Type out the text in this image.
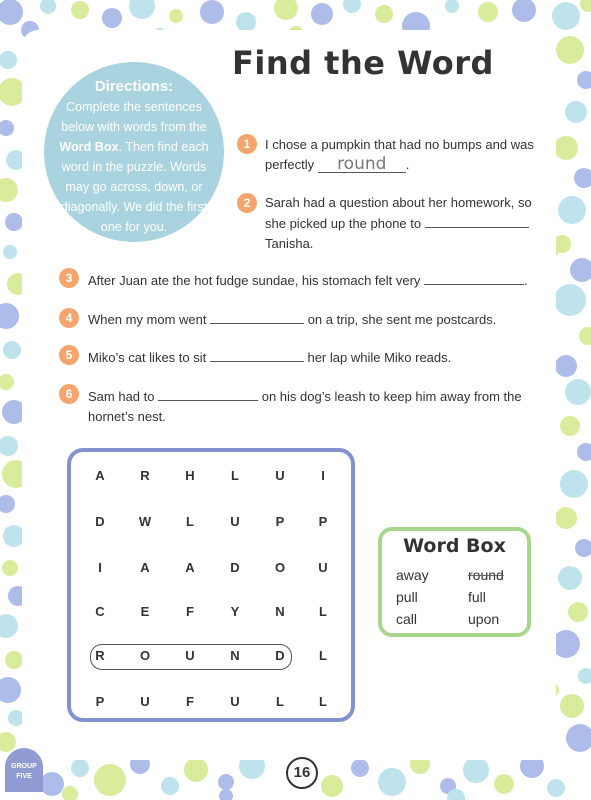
Find the Word
Directions:
Complete the sentences below with words from the Word Box. Then find each word in the puzzle. Words may go across, down, or diagonally. We did the first one for you.
1	I chose a pumpkin that had no bumps and was
perfectly round .
2	Sarah had a question about her homework, so
she picked up the phone to
Tanisha.
3	After Juan ate the hot fudge sundae, his stomach felt very	.
4	When my mom went	on a trip, she sent me postcards.
5	Miko’s cat likes to sit	her lap while Miko reads.
6	Sam had to	on his dog’s leash to keep him away from the
hornet’s nest.
A	R	H	L	U	I
D	W	L	U	P	P
I	A	A	D	O	U
C	E	F	Y	N	L
R	O	U	N	D	L
P	U	F	U	L	L
Word Box
away	round
pull	full
call	upon
16
GROUP
FIVE
